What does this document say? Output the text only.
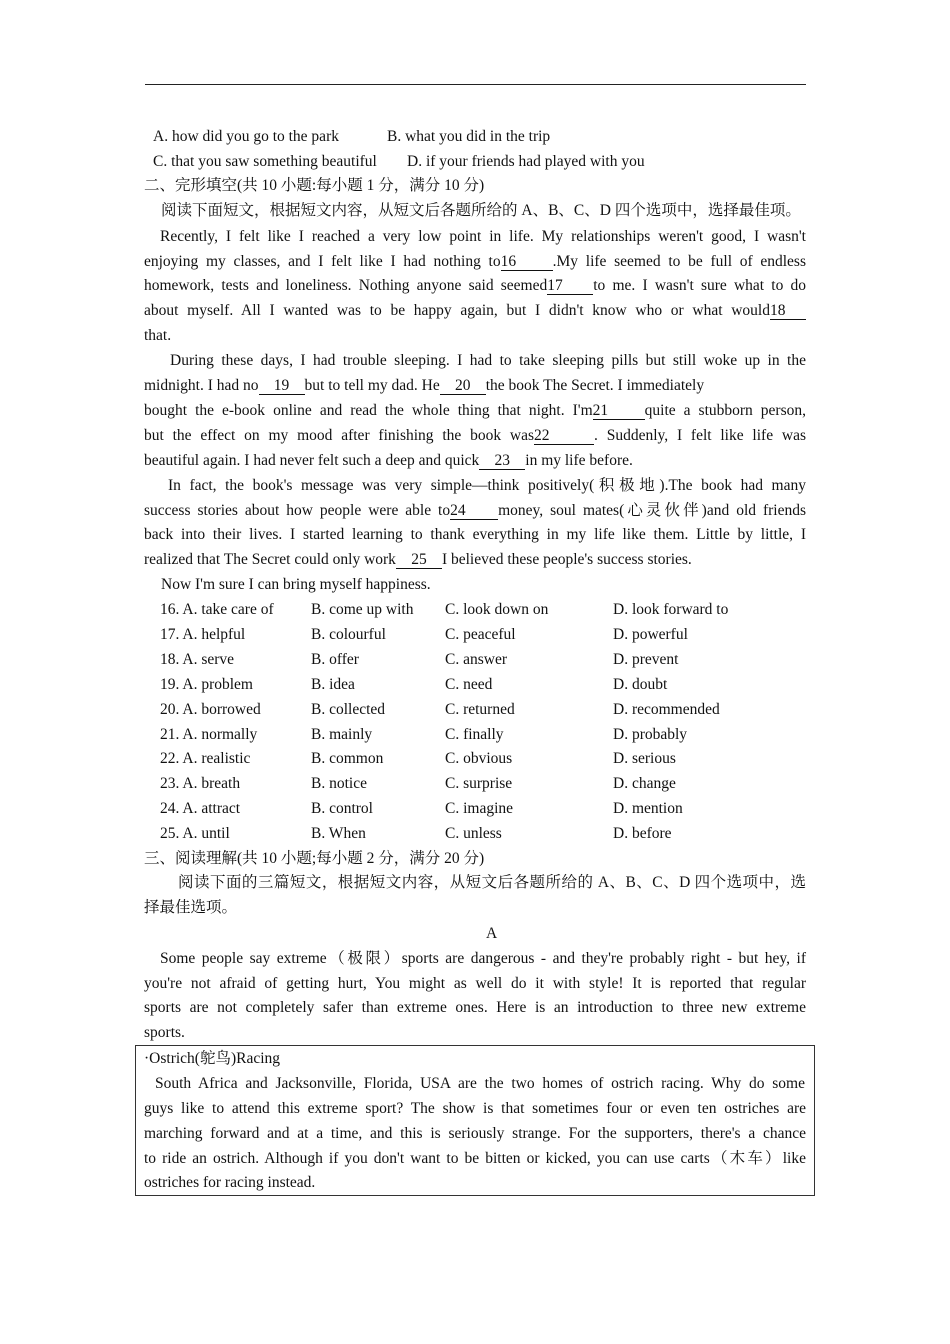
A. how did you go to the park	B. what you did in the trip
C. that you saw something beautiful D. if your friends had played with you
二、完形填空(共 10 小题:每小题 1 分，满分 10 分)
阅读下面短文，根据短文内容，从短文后各题所给的 A、B、C、D 四个选项中，选择最佳项。
Recently, I felt like I reached a very low point in life. My relationships weren't good, I wasn't
enjoying my classes, and I felt like I had nothing to16 .My life seemed to be full of endless
homework, tests and loneliness. Nothing anyone said seemed17 to me. I wasn't sure what to do
about myself. All I wanted was to be happy again, but I didn't know who or what would18
that.
During these days, I had trouble sleeping. I had to take sleeping pills but still woke up in the
midnight. I had no 19 but to tell my dad. He 20 the book The Secret. I immediately
bought the e-book online and read the whole thing that night. I'm21 quite a stubborn person,
but the effect on my mood after finishing the book was22	. Suddenly, I felt like life was
beautiful again. I had never felt such a deep and quick 23 in my life before.
In fact, the book's message was very simple—think positively(积极地).The book had many
success stories about how people were able to24 money, soul mates(心灵伙伴)and old friends
back into their lives. I started learning to thank everything in my life like them. Little by little, I
realized that The Secret could only work 25 I believed these people's success stories.
Now I'm sure I can bring myself happiness.
16. A. take care of B. come up with C. look down on	D. look forward to
17. A. helpful	B. colourful	C. peaceful	D. powerful
18. A. serve	B. offer	C. answer	D. prevent
19. A. problem	B. idea	C. need	D. doubt
20. A. borrowed	B. collected	C. returned	D. recommended
21. A. normally	B. mainly	C. finally	D. probably
22. A. realistic	B. common	C. obvious	D. serious
23. A. breath	B. notice	C. surprise	D. change
24. A. attract	B. control	C. imagine	D. mention
25. A. until	B. When	C. unless	D. before
三、阅读理解(共 10 小题;每小题 2 分，满分 20 分)
阅读下面的三篇短文，根据短文内容，从短文后各题所给的 A、B、C、D 四个选项中，选
择最佳选项。
A
Some people say extreme（极限）sports are dangerous - and they're probably right - but hey, if
you're not afraid of getting hurt, You might as well do it with style! It is reported that regular
sports are not completely safer than extreme ones. Here is an introduction to three new extreme
sports.
·Ostrich(鸵鸟)Racing
South Africa and Jacksonville, Florida, USA are the two homes of ostrich racing. Why do some
guys like to attend this extreme sport? The show is that sometimes four or even ten ostriches are
marching forward and at a time, and this is seriously strange. For the supporters, there's a chance
to ride an ostrich. Although if you don't want to be bitten or kicked, you can use carts（木车）like
ostriches for racing instead.
